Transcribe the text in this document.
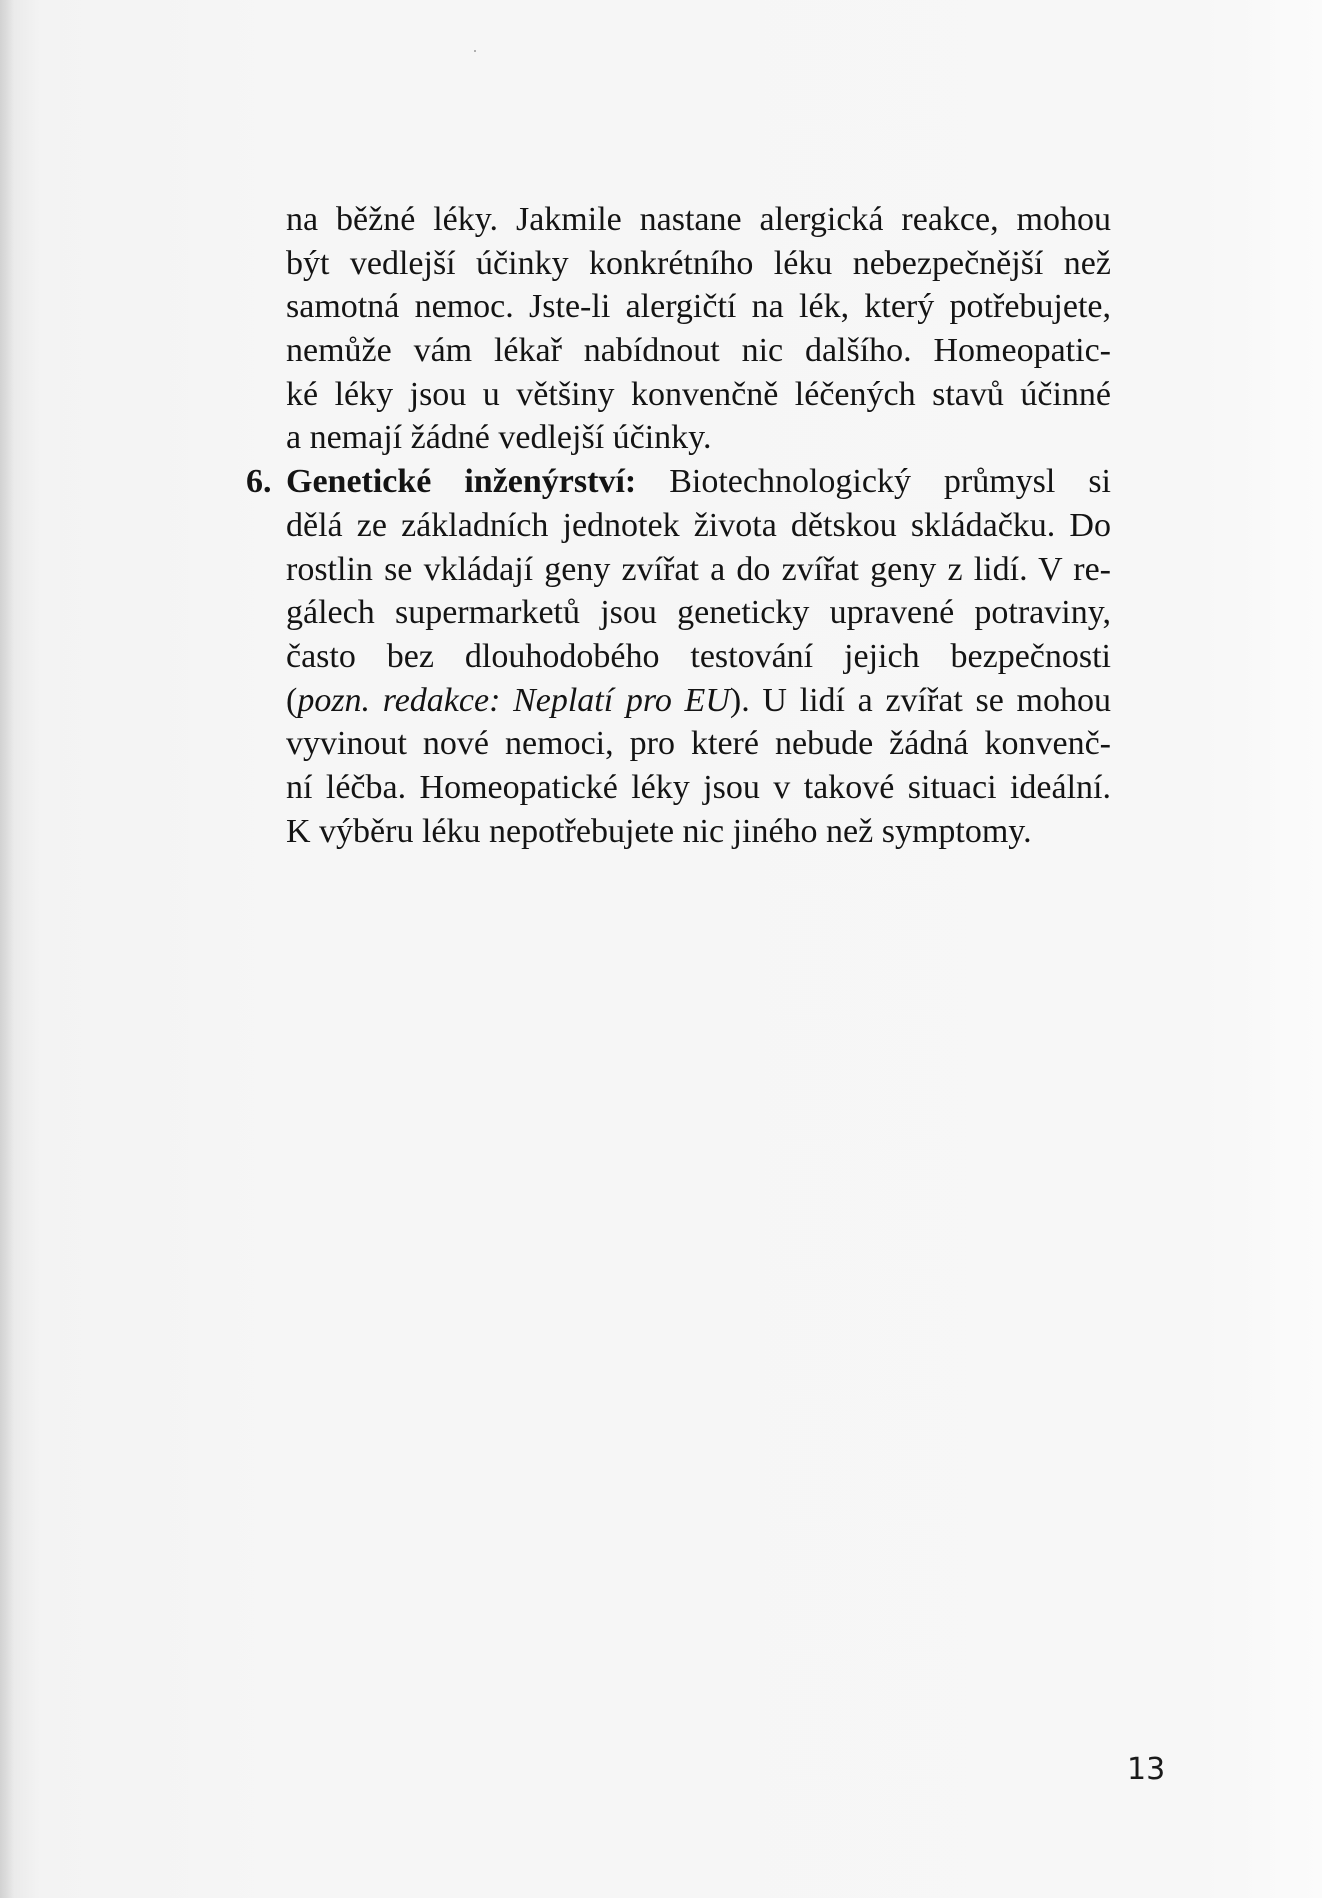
na běžné léky. Jakmile nastane alergická reakce, mohou
být vedlejší účinky konkrétního léku nebezpečnější než
samotná nemoc. Jste-li alergičtí na lék, který potřebujete,
nemůže vám lékař nabídnout nic dalšího. Homeopatic-
ké léky jsou u většiny konvenčně léčených stavů účinné
a nemají žádné vedlejší účinky.
6. Genetické inženýrství: Biotechnologický průmysl si
dělá ze základních jednotek života dětskou skládačku. Do
rostlin se vkládají geny zvířat a do zvířat geny z lidí. V re-
gálech supermarketů jsou geneticky upravené potraviny,
často bez dlouhodobého testování jejich bezpečnosti
(pozn. redakce: Neplatí pro EU). U lidí a zvířat se mohou
vyvinout nové nemoci, pro které nebude žádná konvenč-
ní léčba. Homeopatické léky jsou v takové situaci ideální.
K výběru léku nepotřebujete nic jiného než symptomy.
13
